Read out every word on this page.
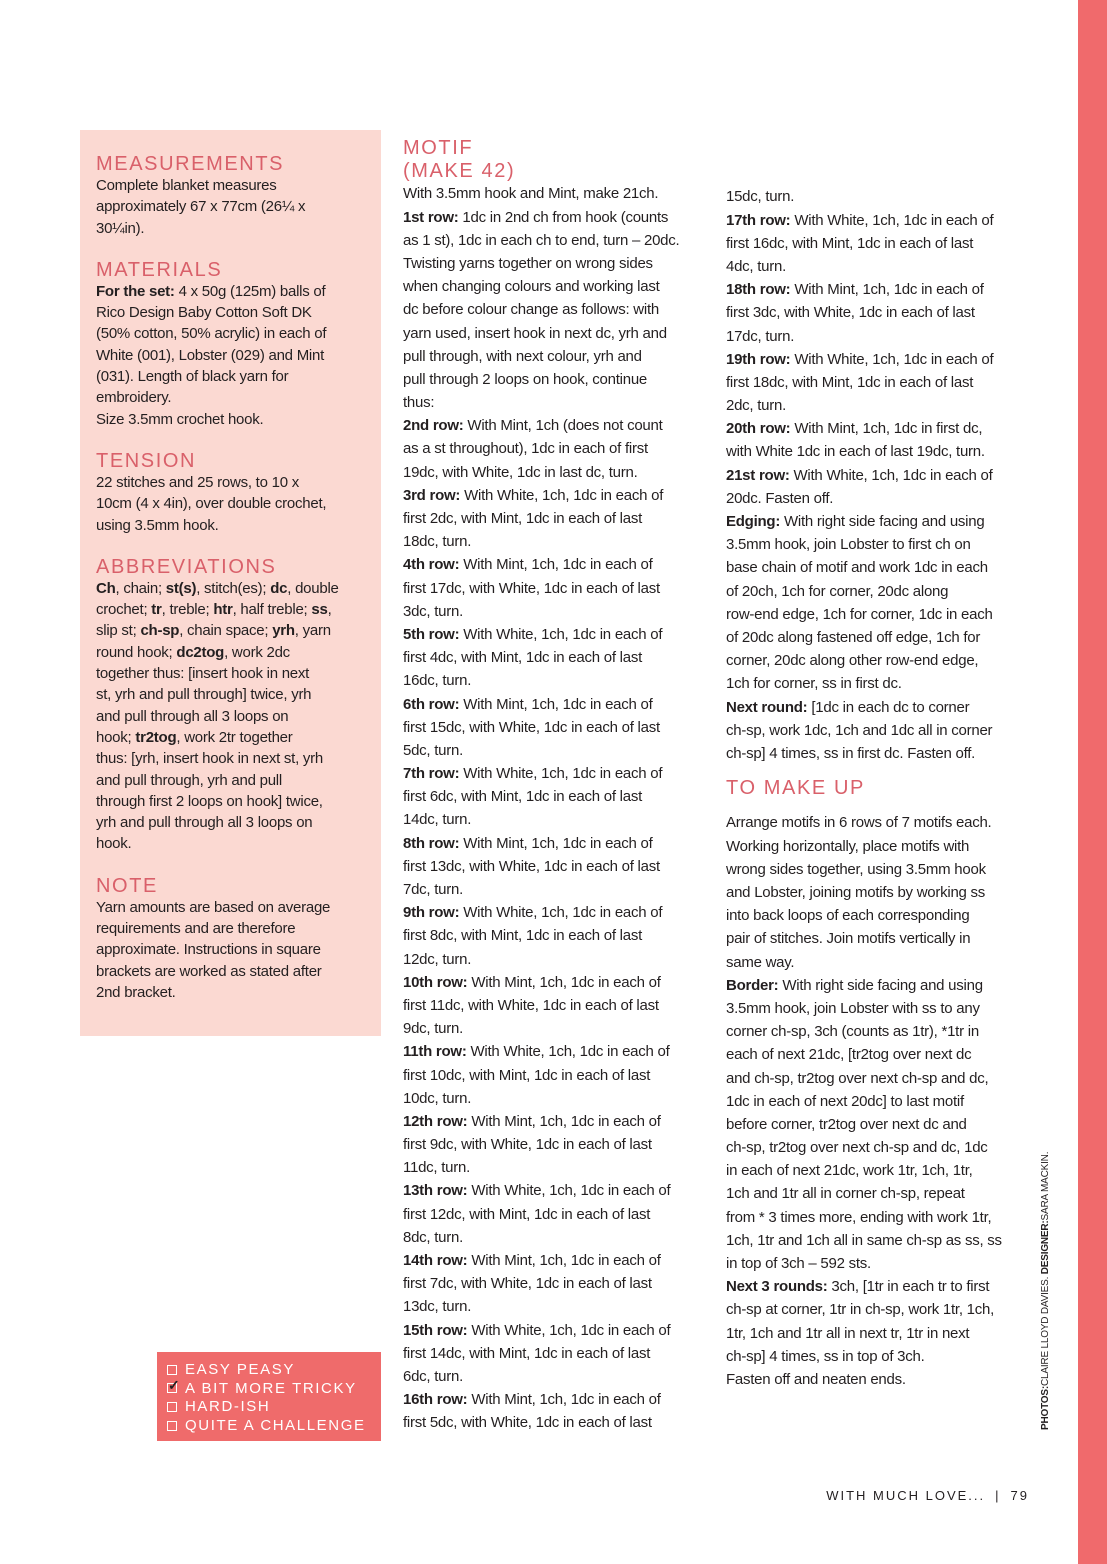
MEASUREMENTS
Complete blanket measures
approximately 67 x 77cm (26¼ x
30¼in).
MATERIALS
For the set: 4 x 50g (125m) balls of
Rico Design Baby Cotton Soft DK
(50% cotton, 50% acrylic) in each of
White (001), Lobster (029) and Mint
(031). Length of black yarn for
embroidery.
Size 3.5mm crochet hook.
TENSION
22 stitches and 25 rows, to 10 x
10cm (4 x 4in), over double crochet,
using 3.5mm hook.
ABBREVIATIONS
Ch, chain; st(s), stitch(es); dc, double
crochet; tr, treble; htr, half treble; ss,
slip st; ch-sp, chain space; yrh, yarn
round hook; dc2tog, work 2dc
together thus: [insert hook in next
st, yrh and pull through] twice, yrh
and pull through all 3 loops on
hook; tr2tog, work 2tr together
thus: [yrh, insert hook in next st, yrh
and pull through, yrh and pull
through first 2 loops on hook] twice,
yrh and pull through all 3 loops on
hook.
NOTE
Yarn amounts are based on average
requirements and are therefore
approximate. Instructions in square
brackets are worked as stated after
2nd bracket.
EASY PEASY
✓
A BIT MORE TRICKY
HARD-ISH
QUITE A CHALLENGE
MOTIF
(MAKE 42)
With 3.5mm hook and Mint, make 21ch.
1st row: 1dc in 2nd ch from hook (counts
as 1 st), 1dc in each ch to end, turn – 20dc.
Twisting yarns together on wrong sides
when changing colours and working last
dc before colour change as follows: with
yarn used, insert hook in next dc, yrh and
pull through, with next colour, yrh and
pull through 2 loops on hook, continue
thus:
2nd row: With Mint, 1ch (does not count
as a st throughout), 1dc in each of first
19dc, with White, 1dc in last dc, turn.
3rd row: With White, 1ch, 1dc in each of
first 2dc, with Mint, 1dc in each of last
18dc, turn.
4th row: With Mint, 1ch, 1dc in each of
first 17dc, with White, 1dc in each of last
3dc, turn.
5th row: With White, 1ch, 1dc in each of
first 4dc, with Mint, 1dc in each of last
16dc, turn.
6th row: With Mint, 1ch, 1dc in each of
first 15dc, with White, 1dc in each of last
5dc, turn.
7th row: With White, 1ch, 1dc in each of
first 6dc, with Mint, 1dc in each of last
14dc, turn.
8th row: With Mint, 1ch, 1dc in each of
first 13dc, with White, 1dc in each of last
7dc, turn.
9th row: With White, 1ch, 1dc in each of
first 8dc, with Mint, 1dc in each of last
12dc, turn.
10th row: With Mint, 1ch, 1dc in each of
first 11dc, with White, 1dc in each of last
9dc, turn.
11th row: With White, 1ch, 1dc in each of
first 10dc, with Mint, 1dc in each of last
10dc, turn.
12th row: With Mint, 1ch, 1dc in each of
first 9dc, with White, 1dc in each of last
11dc, turn.
13th row: With White, 1ch, 1dc in each of
first 12dc, with Mint, 1dc in each of last
8dc, turn.
14th row: With Mint, 1ch, 1dc in each of
first 7dc, with White, 1dc in each of last
13dc, turn.
15th row: With White, 1ch, 1dc in each of
first 14dc, with Mint, 1dc in each of last
6dc, turn.
16th row: With Mint, 1ch, 1dc in each of
first 5dc, with White, 1dc in each of last
15dc, turn.
17th row: With White, 1ch, 1dc in each of
first 16dc, with Mint, 1dc in each of last
4dc, turn.
18th row: With Mint, 1ch, 1dc in each of
first 3dc, with White, 1dc in each of last
17dc, turn.
19th row: With White, 1ch, 1dc in each of
first 18dc, with Mint, 1dc in each of last
2dc, turn.
20th row: With Mint, 1ch, 1dc in first dc,
with White 1dc in each of last 19dc, turn.
21st row: With White, 1ch, 1dc in each of
20dc. Fasten off.
Edging: With right side facing and using
3.5mm hook, join Lobster to first ch on
base chain of motif and work 1dc in each
of 20ch, 1ch for corner, 20dc along
row-end edge, 1ch for corner, 1dc in each
of 20dc along fastened off edge, 1ch for
corner, 20dc along other row-end edge,
1ch for corner, ss in first dc.
Next round: [1dc in each dc to corner
ch-sp, work 1dc, 1ch and 1dc all in corner
ch-sp] 4 times, ss in first dc. Fasten off.
TO MAKE UP
Arrange motifs in 6 rows of 7 motifs each.
Working horizontally, place motifs with
wrong sides together, using 3.5mm hook
and Lobster, joining motifs by working ss
into back loops of each corresponding
pair of stitches. Join motifs vertically in
same way.
Border: With right side facing and using
3.5mm hook, join Lobster with ss to any
corner ch-sp, 3ch (counts as 1tr), *1tr in
each of next 21dc, [tr2tog over next dc
and ch-sp, tr2tog over next ch-sp and dc,
1dc in each of next 20dc] to last motif
before corner, tr2tog over next dc and
ch-sp, tr2tog over next ch-sp and dc, 1dc
in each of next 21dc, work 1tr, 1ch, 1tr,
1ch and 1tr all in corner ch-sp, repeat
from * 3 times more, ending with work 1tr,
1ch, 1tr and 1ch all in same ch-sp as ss, ss
in top of 3ch – 592 sts.
Next 3 rounds: 3ch, [1tr in each tr to first
ch-sp at corner, 1tr in ch-sp, work 1tr, 1ch,
1tr, 1ch and 1tr all in next tr, 1tr in next
ch-sp] 4 times, ss in top of 3ch.
Fasten off and neaten ends.
PHOTOS:CLAIRE LLOYD DAVIES. DESIGNER:SARA MACKIN.
WITH MUCH LOVE... | 79
